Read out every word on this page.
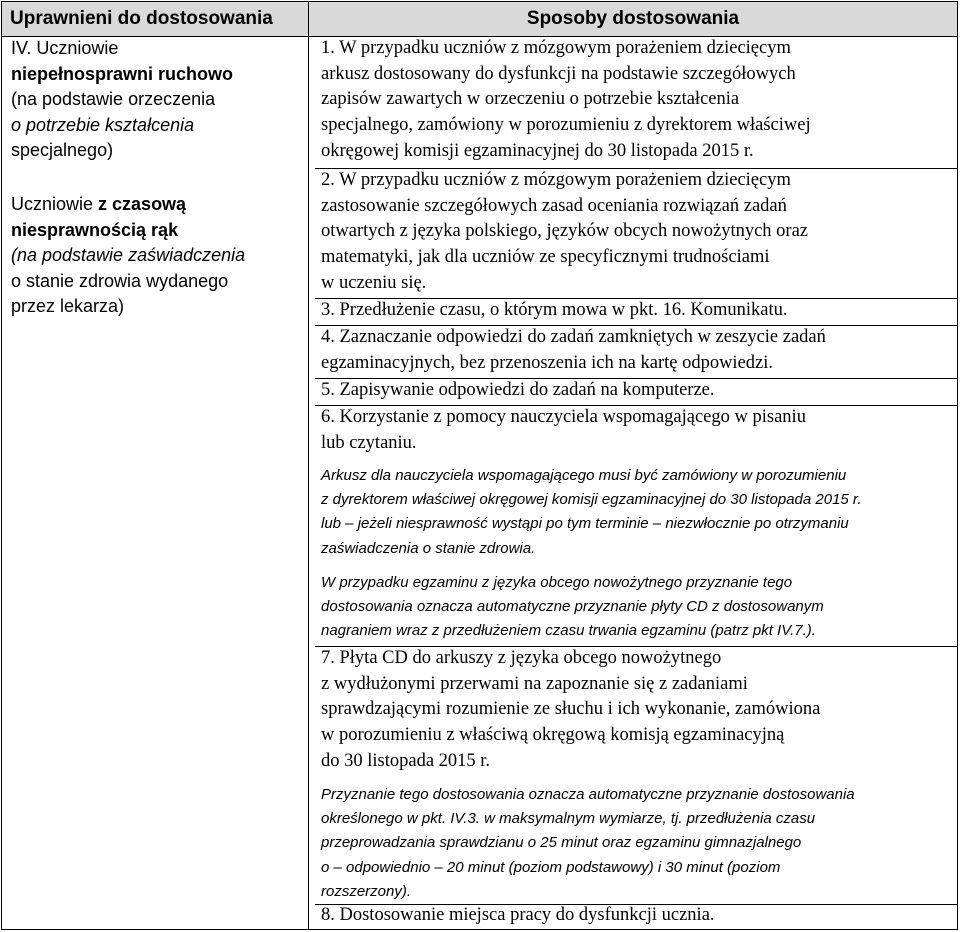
Uprawnieni do dostosowania	Sposoby dostosowania
IV. Uczniowie
niepełnosprawni ruchowo
(na podstawie orzeczenia
o potrzebie kształcenia
specjalnego)
Uczniowie z czasową
niesprawnością rąk
(na podstawie zaświadczenia
o stanie zdrowia wydanego
przez lekarza)
1. W przypadku uczniów z mózgowym porażeniem dziecięcym
arkusz dostosowany do dysfunkcji na podstawie szczegółowych
zapisów zawartych w orzeczeniu o potrzebie kształcenia
specjalnego, zamówiony w porozumieniu z dyrektorem właściwej
okręgowej komisji egzaminacyjnej do 30 listopada 2015 r.
2. W przypadku uczniów z mózgowym porażeniem dziecięcym
zastosowanie szczegółowych zasad oceniania rozwiązań zadań
otwartych z języka polskiego, języków obcych nowożytnych oraz
matematyki, jak dla uczniów ze specyficznymi trudnościami
w uczeniu się.
3. Przedłużenie czasu, o którym mowa w pkt. 16. Komunikatu.
4. Zaznaczanie odpowiedzi do zadań zamkniętych w zeszycie zadań
egzaminacyjnych, bez przenoszenia ich na kartę odpowiedzi.
5. Zapisywanie odpowiedzi do zadań na komputerze.
6. Korzystanie z pomocy nauczyciela wspomagającego w pisaniu
lub czytaniu.
Arkusz dla nauczyciela wspomagającego musi być zamówiony w porozumieniu
z dyrektorem właściwej okręgowej komisji egzaminacyjnej do 30 listopada 2015 r.
lub – jeżeli niesprawność wystąpi po tym terminie – niezwłocznie po otrzymaniu
zaświadczenia o stanie zdrowia.
W przypadku egzaminu z języka obcego nowożytnego przyznanie tego
dostosowania oznacza automatyczne przyznanie płyty CD z dostosowanym
nagraniem wraz z przedłużeniem czasu trwania egzaminu (patrz pkt IV.7.).
7. Płyta CD do arkuszy z języka obcego nowożytnego
z wydłużonymi przerwami na zapoznanie się z zadaniami
sprawdzającymi rozumienie ze słuchu i ich wykonanie, zamówiona
w porozumieniu z właściwą okręgową komisją egzaminacyjną
do 30 listopada 2015 r.
Przyznanie tego dostosowania oznacza automatyczne przyznanie dostosowania
określonego w pkt. IV.3. w maksymalnym wymiarze, tj. przedłużenia czasu
przeprowadzania sprawdzianu o 25 minut oraz egzaminu gimnazjalnego
o – odpowiednio – 20 minut (poziom podstawowy) i 30 minut (poziom
rozszerzony).
8. Dostosowanie miejsca pracy do dysfunkcji ucznia.
